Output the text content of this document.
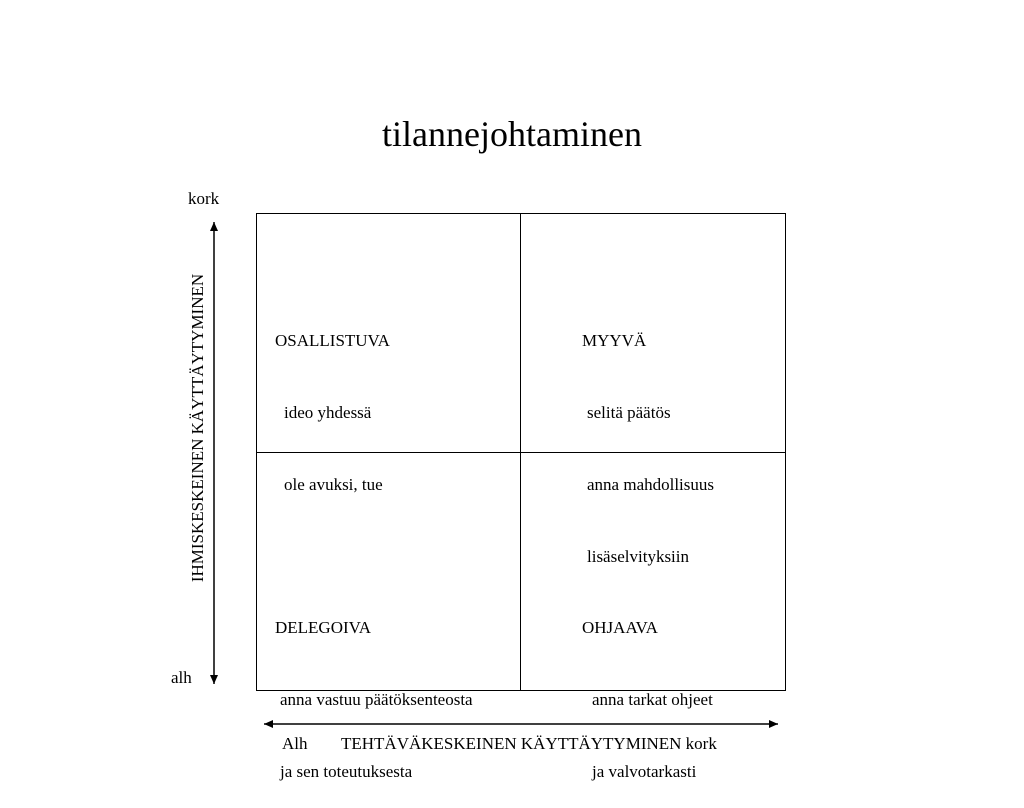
tilannejohtaminen
kork
alh
IHMISKESKEINEN KÄYTTÄYTYMINEN
Alh TEHTÄVÄKESKEINEN KÄYTTÄYTYMINEN kork

OSALLISTUVA

ideo yhdessä

ole avuksi, tue

MYYVÄ

selitä päätös

anna mahdollisuus

lisäselvityksiin

DELEGOIVA

anna vastuu päätöksenteosta

ja sen toteutuksesta

OHJAAVA

anna tarkat ohjeet

ja valvotarkasti
